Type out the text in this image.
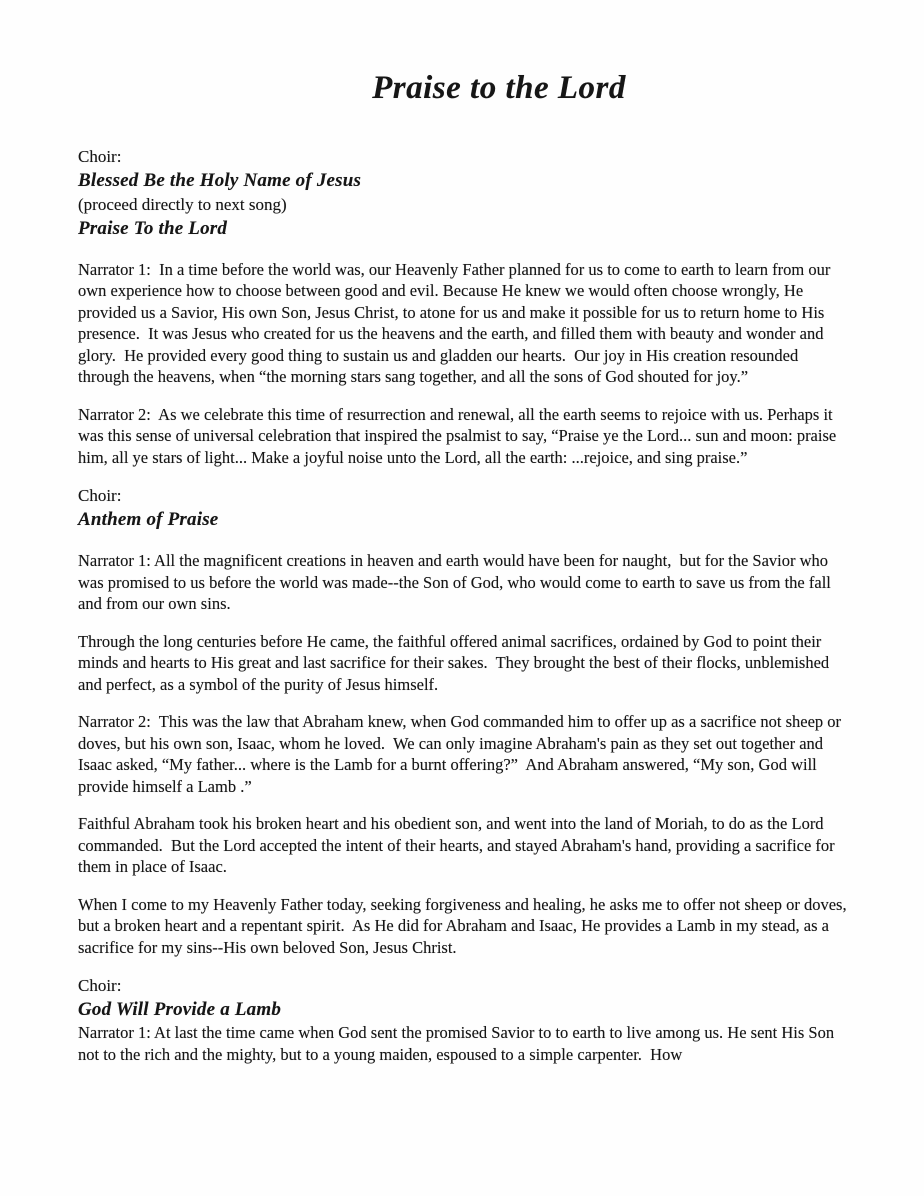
Praise to the Lord

Choir:

Blessed Be the Holy Name of Jesus

(proceed directly to next song)

Praise To the Lord

Narrator 1:  In a time before the world was, our Heavenly Father planned for us to come to earth to learn from our own experience how to choose between good and evil. Because He knew we would often choose wrongly, He provided us a Savior, His own Son, Jesus Christ, to atone for us and make it possible for us to return home to His presence.  It was Jesus who created for us the heavens and the earth, and filled them with beauty and wonder and glory.  He provided every good thing to sustain us and gladden our hearts.  Our joy in His creation resounded through the heavens, when “the morning stars sang together, and all the sons of God shouted for joy.”

Narrator 2:  As we celebrate this time of resurrection and renewal, all the earth seems to rejoice with us. Perhaps it was this sense of universal celebration that inspired the psalmist to say, “Praise ye the Lord... sun and moon: praise him, all ye stars of light... Make a joyful noise unto the Lord, all the earth: ...rejoice, and sing praise.”

Choir:

Anthem of Praise

Narrator 1: All the magnificent creations in heaven and earth would have been for naught,  but for the Savior who was promised to us before the world was made--the Son of God, who would come to earth to save us from the fall and from our own sins.

Through the long centuries before He came, the faithful offered animal sacrifices, ordained by God to point their minds and hearts to His great and last sacrifice for their sakes.  They brought the best of their flocks, unblemished and perfect, as a symbol of the purity of Jesus himself.

Narrator 2:  This was the law that Abraham knew, when God commanded him to offer up as a sacrifice not sheep or doves, but his own son, Isaac, whom he loved.  We can only imagine Abraham's pain as they set out together and Isaac asked, “My father... where is the Lamb for a burnt offering?”  And Abraham answered, “My son, God will provide himself a Lamb .”

Faithful Abraham took his broken heart and his obedient son, and went into the land of Moriah, to do as the Lord commanded.  But the Lord accepted the intent of their hearts, and stayed Abraham's hand, providing a sacrifice for them in place of Isaac.

When I come to my Heavenly Father today, seeking forgiveness and healing, he asks me to offer not sheep or doves, but a broken heart and a repentant spirit.  As He did for Abraham and Isaac, He provides a Lamb in my stead, as a sacrifice for my sins--His own beloved Son, Jesus Christ.

Choir:

God Will Provide a Lamb

Narrator 1: At last the time came when God sent the promised Savior to to earth to live among us. He sent His Son not to the rich and the mighty, but to a young maiden, espoused to a simple carpenter.  How
